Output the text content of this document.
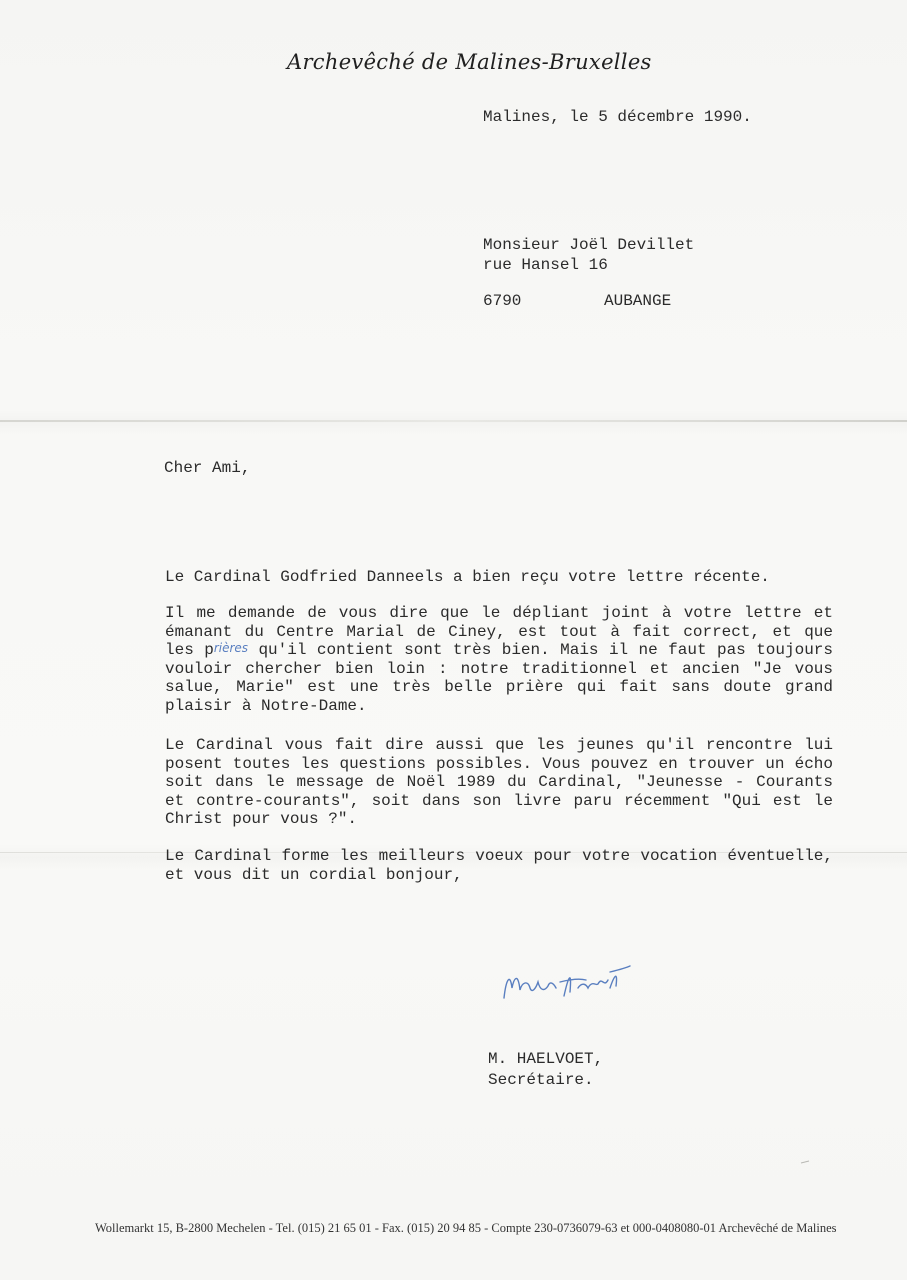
Archevêché de Malines-Bruxelles
Malines, le 5 décembre 1990.
Monsieur Joël Devillet
rue Hansel 16
6790	AUBANGE
Cher Ami,
Le Cardinal Godfried Danneels a bien reçu votre lettre récente.
Il me demande de vous dire que le dépliant joint à votre lettre et émanant du Centre Marial de Ciney, est tout à fait correct, et que les prières qu'il contient sont très bien. Mais il ne faut pas toujours vouloir chercher bien loin : notre traditionnel et ancien "Je vous salue, Marie" est une très belle prière qui fait sans doute grand plaisir à Notre-Dame.
Le Cardinal vous fait dire aussi que les jeunes qu'il rencontre lui posent toutes les questions possibles. Vous pouvez en trouver un écho soit dans le message de Noël 1989 du Cardinal, "Jeunesse - Courants et contre-courants", soit dans son livre paru récemment "Qui est le Christ pour vous ?".
Le Cardinal forme les meilleurs voeux pour votre vocation éventuelle, et vous dit un cordial bonjour,
M. HAELVOET,
Secrétaire.
Wollemarkt 15, B-2800 Mechelen - Tel. (015) 21 65 01 - Fax. (015) 20 94 85 - Compte 230-0736079-63 et 000-0408080-01 Archevêché de Malines
